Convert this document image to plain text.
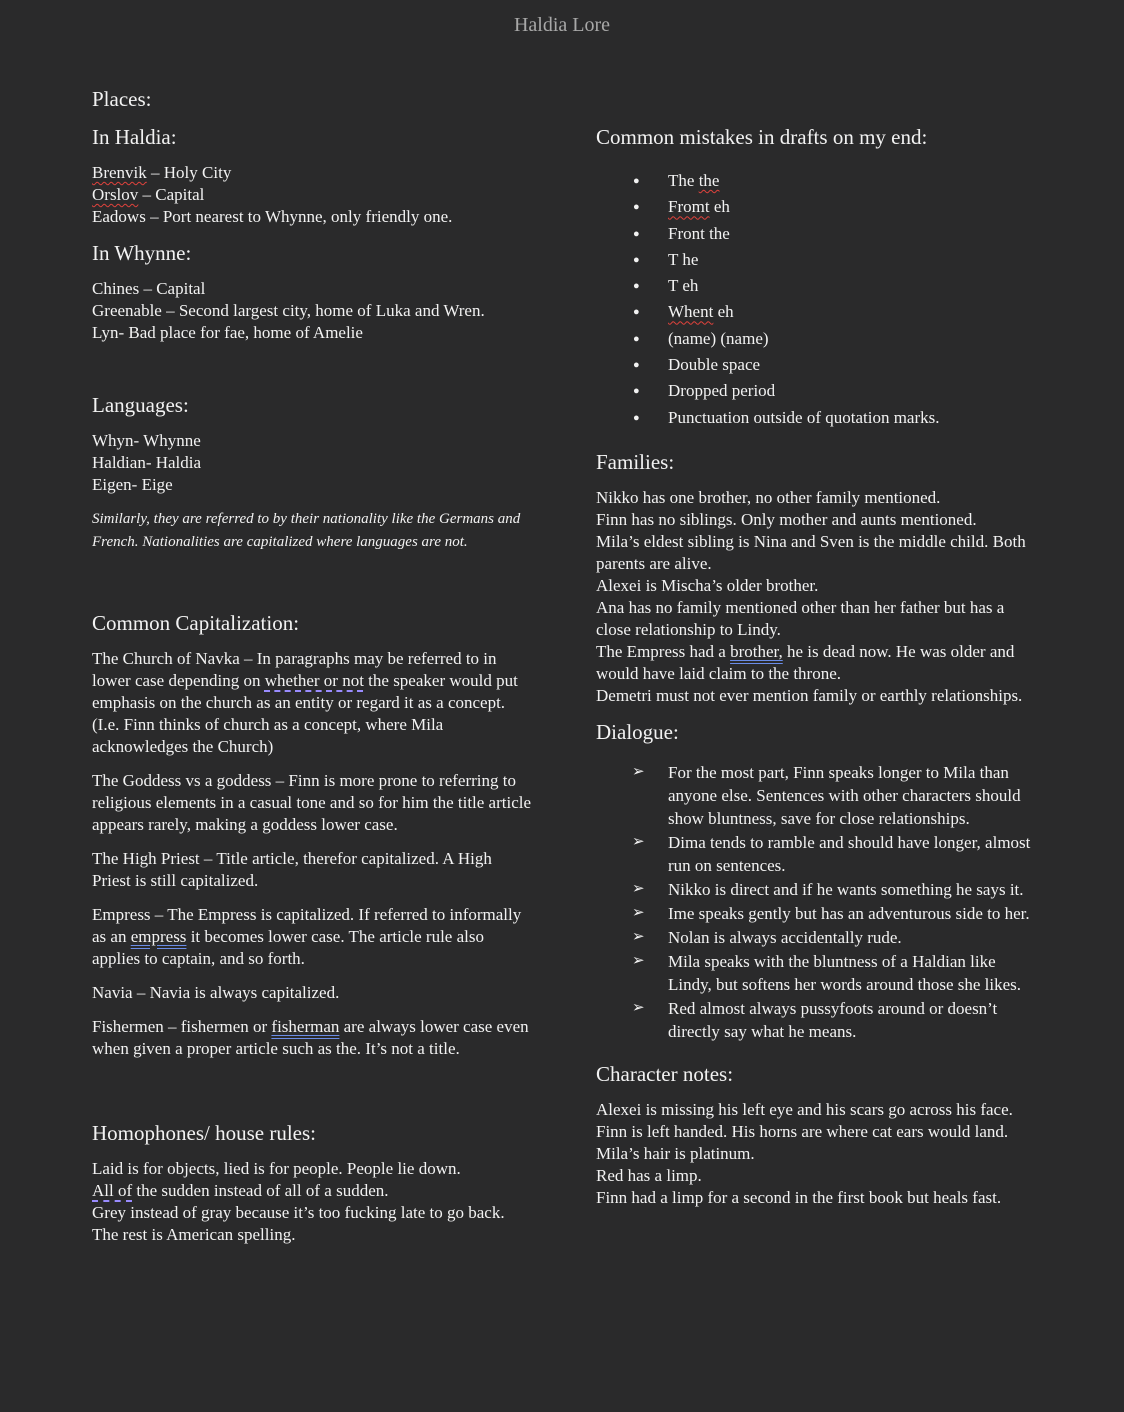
Haldia Lore
Places:
In Haldia:
Brenvik – Holy City
Orslov – Capital
Eadows – Port nearest to Whynne, only friendly one.
In Whynne:
Chines – Capital
Greenable – Second largest city, home of Luka and Wren.
Lyn- Bad place for fae, home of Amelie
Languages:
Whyn- Whynne
Haldian- Haldia
Eigen- Eige
Similarly, they are referred to by their nationality like the Germans and French. Nationalities are capitalized where languages are not.
Common Capitalization:

The Church of Navka – In paragraphs may be referred to in lower case depending on whether or not the speaker would put emphasis on the church as an entity or regard it as a concept. (I.e. Finn thinks of church as a concept, where Mila acknowledges the Church)

The Goddess vs a goddess – Finn is more prone to referring to religious elements in a casual tone and so for him the title article appears rarely, making a goddess lower case.

The High Priest – Title article, therefor capitalized. A High Priest is still capitalized.

Empress – The Empress is capitalized. If referred to informally as an empress it becomes lower case. The article rule also applies to captain, and so forth.

Navia – Navia is always capitalized.

Fishermen – fishermen or fisherman are always lower case even when given a proper article such as the. It’s not a title.

Homophones/ house rules:
Laid is for objects, lied is for people. People lie down.
All of the sudden instead of all of a sudden.
Grey instead of gray because it’s too fucking late to go back. The rest is American spelling.
Common mistakes in drafts on my end:
● The the
● Fromt eh
● Front the
● T he
● T eh
● Whent eh
● (name) (name)
● Double space
● Dropped period
● Punctuation outside of quotation marks.
Families:
Nikko has one brother, no other family mentioned.
Finn has no siblings. Only mother and aunts mentioned.
Mila’s eldest sibling is Nina and Sven is the middle child. Both parents are alive.
Alexei is Mischa’s older brother.
Ana has no family mentioned other than her father but has a close relationship to Lindy.
The Empress had a brother, he is dead now. He was older and would have laid claim to the throne.
Demetri must not ever mention family or earthly relationships.
Dialogue:
➢ For the most part, Finn speaks longer to Mila than anyone else. Sentences with other characters should show bluntness, save for close relationships.
➢ Dima tends to ramble and should have longer, almost run on sentences.
➢ Nikko is direct and if he wants something he says it.
➢ Ime speaks gently but has an adventurous side to her.
➢ Nolan is always accidentally rude.
➢ Mila speaks with the bluntness of a Haldian like Lindy, but softens her words around those she likes.
➢ Red almost always pussyfoots around or doesn’t directly say what he means.
Character notes:
Alexei is missing his left eye and his scars go across his face.
Finn is left handed. His horns are where cat ears would land.
Mila’s hair is platinum.
Red has a limp.
Finn had a limp for a second in the first book but heals fast.
